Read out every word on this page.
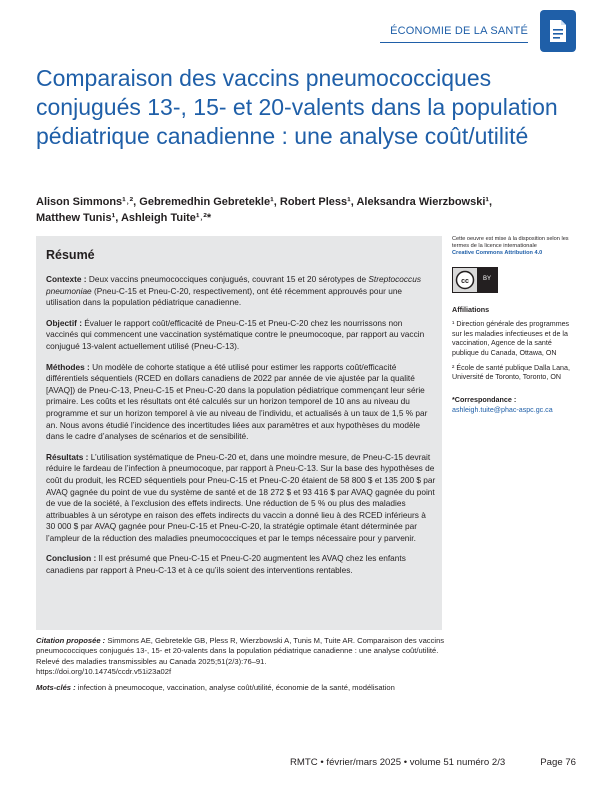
ÉCONOMIE DE LA SANTÉ
Comparaison des vaccins pneumococciques conjugués 13-, 15- et 20-valents dans la population pédiatrique canadienne : une analyse coût/utilité
Alison Simmons¹˒², Gebremedhin Gebretekle¹, Robert Pless¹, Aleksandra Wierzbowski¹,
Matthew Tunis¹, Ashleigh Tuite¹˒²*
Résumé

Contexte : Deux vaccins pneumococciques conjugués, couvrant 15 et 20 sérotypes de Streptococcus pneumoniae (Pneu-C-15 et Pneu-C-20, respectivement), ont été récemment approuvés pour une utilisation dans la population pédiatrique canadienne.

Objectif : Évaluer le rapport coût/efficacité de Pneu-C-15 et Pneu-C-20 chez les nourrissons non vaccinés qui commencent une vaccination systématique contre le pneumocoque, par rapport au vaccin conjugué 13-valent actuellement utilisé (Pneu-C-13).

Méthodes : Un modèle de cohorte statique a été utilisé pour estimer les rapports coût/efficacité différentiels séquentiels (RCED en dollars canadiens de 2022 par année de vie ajustée par la qualité [AVAQ]) de Pneu-C-13, Pneu-C-15 et Pneu-C-20 dans la population pédiatrique commençant leur série primaire. Les coûts et les résultats ont été calculés sur un horizon temporel de 10 ans au niveau du programme et sur un horizon temporel à vie au niveau de l’individu, et actualisés à un taux de 1,5 % par an. Nous avons étudié l’incidence des incertitudes liées aux paramètres et aux hypothèses du modèle dans le cadre d’analyses de scénarios et de sensibilité.

Résultats : L’utilisation systématique de Pneu-C-20 et, dans une moindre mesure, de Pneu-C-15 devrait réduire le fardeau de l’infection à pneumocoque, par rapport à Pneu-C-13. Sur la base des hypothèses de coût du produit, les RCED séquentiels pour Pneu-C-15 et Pneu-C-20 étaient de 58 800 $ et 135 200 $ par AVAQ gagnée du point de vue du système de santé et de 18 272 $ et 93 416 $ par AVAQ gagnée du point de vue de la société, à l’exclusion des effets indirects. Une réduction de 5 % ou plus des maladies attribuables à un sérotype en raison des effets indirects du vaccin a donné lieu à des RCED inférieurs à 30 000 $ par AVAQ gagnée pour Pneu-C-15 et Pneu-C-20, la stratégie optimale étant déterminée par l’ampleur de la réduction des maladies pneumococciques et par le temps nécessaire pour y parvenir.

Conclusion : Il est présumé que Pneu-C-15 et Pneu-C-20 augmentent les AVAQ chez les enfants canadiens par rapport à Pneu-C-13 et à ce qu’ils soient des interventions rentables.

Citation proposée : Simmons AE, Gebretekle GB, Pless R, Wierzbowski A, Tunis M, Tuite AR. Comparaison des vaccins pneumococciques conjugués 13-, 15- et 20-valents dans la population pédiatrique canadienne : une analyse coût/utilité. Relevé des maladies transmissibles au Canada 2025;51(2/3):76–91.
https://doi.org/10.14745/ccdr.v51i23a02f
Mots-clés : infection à pneumocoque, vaccination, analyse coût/utilité, économie de la santé, modélisation
Cette oeuvre est mise à la disposition selon les termes de la licence internationale
Creative Commons Attribution 4.0
cc	BY
Affiliations
¹ Direction générale des programmes sur les maladies infectieuses et de la vaccination, Agence de la santé publique du Canada, Ottawa, ON
² École de santé publique Dalla Lana, Université de Toronto, Toronto, ON
*Correspondance :
ashleigh.tuite@phac-aspc.gc.ca
RMTC • février/mars 2025 • volume 51 numéro 2/3	Page 76
